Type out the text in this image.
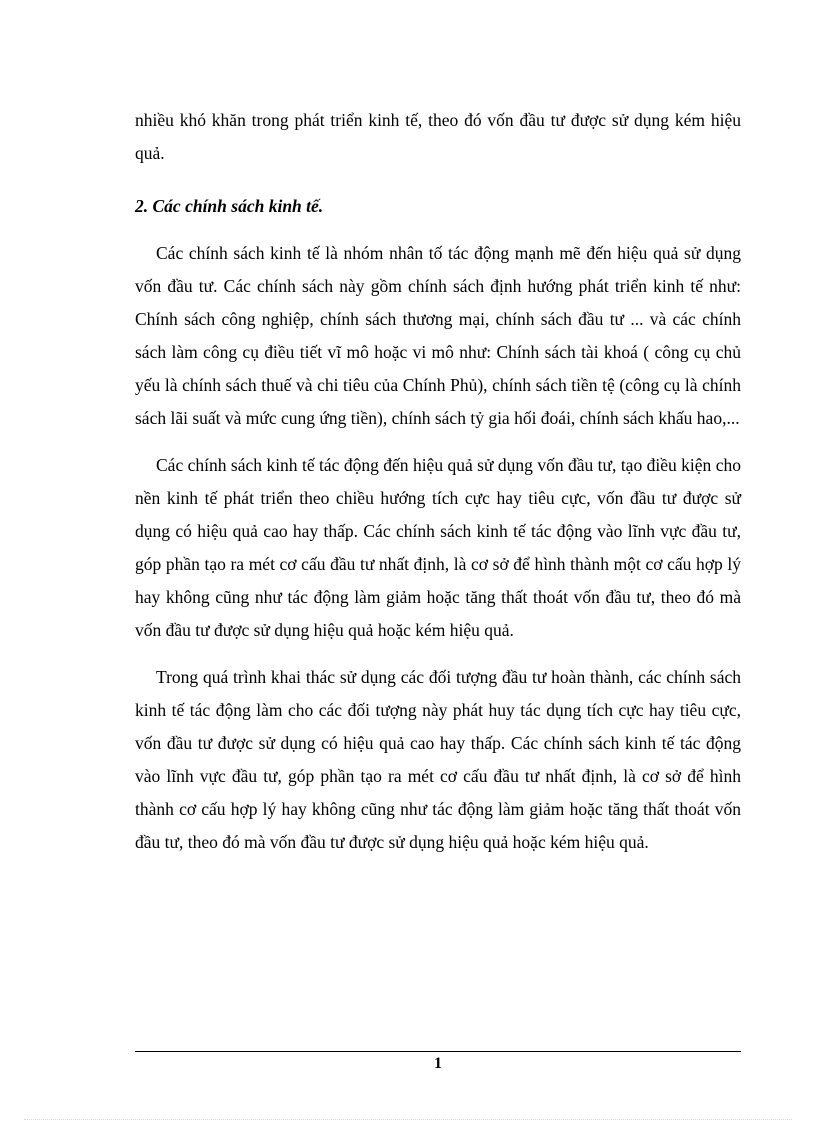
nhiều khó khăn trong phát triển kinh tế, theo đó vốn đầu tư được sử dụng kém hiệu quả.

2. Các chính sách kinh tế.

Các chính sách kinh tế là nhóm nhân tố tác động mạnh mẽ đến hiệu quả sử dụng vốn đầu tư. Các chính sách này gồm chính sách định hướng phát triển kinh tế như: Chính sách công nghiệp, chính sách thương mại, chính sách đầu tư ... và các chính sách làm công cụ điều tiết vĩ mô hoặc vi mô như: Chính sách tài khoá ( công cụ chủ yếu là chính sách thuế và chi tiêu của Chính Phủ), chính sách tiền tệ (công cụ là chính sách lãi suất và mức cung ứng tiền), chính sách tỷ gia hối đoái, chính sách khấu hao,...

Các chính sách kinh tế tác động đến hiệu quả sử dụng vốn đầu tư, tạo điều kiện cho nền kinh tế phát triển theo chiều hướng tích cực hay tiêu cực, vốn đầu tư được sử dụng có hiệu quả cao hay thấp. Các chính sách kinh tế tác động vào lĩnh vực đầu tư, góp phần tạo ra mét cơ cấu đầu tư nhất định, là cơ sở để hình thành một cơ cấu hợp lý hay không cũng như tác động làm giảm hoặc tăng thất thoát vốn đầu tư, theo đó mà vốn đầu tư được sử dụng hiệu quả hoặc kém hiệu quả.

Trong quá trình khai thác sử dụng các đối tượng đầu tư hoàn thành, các chính sách kinh tế tác động làm cho các đối tượng này phát huy tác dụng tích cực hay tiêu cực, vốn đầu tư được sử dụng có hiệu quả cao hay thấp. Các chính sách kinh tế tác động vào lĩnh vực đầu tư, góp phần tạo ra mét cơ cấu đầu tư nhất định, là cơ sở để hình thành cơ cấu hợp lý hay không cũng như tác động làm giảm hoặc tăng thất thoát vốn đầu tư, theo đó mà vốn đầu tư được sử dụng hiệu quả hoặc kém hiệu quả.

1
